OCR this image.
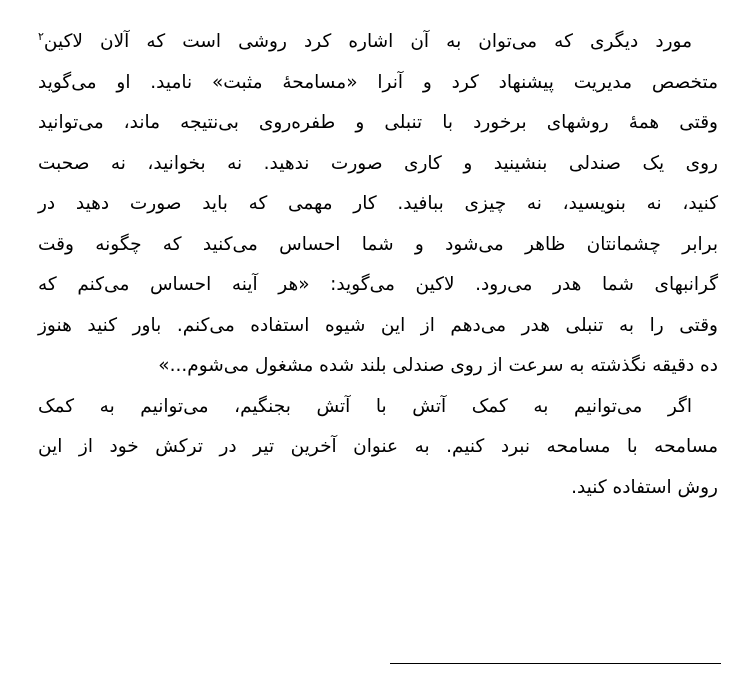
مورد دیگری که می‌توان به آن اشاره کرد روشی است که آلان لاکین$^۲$
متخصص مدیریت پیشنهاد کرد و آنرا «مسامحهٔ مثبت» نامید. او می‌گوید
وقتی همهٔ روشهای برخورد با تنبلی و طفره‌روی بی‌نتیجه ماند، می‌توانید
روی یک صندلی بنشینید و کاری صورت ندهید. نه بخوانید، نه صحبت
کنید، نه بنویسید، نه چیزی ببافید. کار مهمی که باید صورت دهید در
برابر چشمانتان ظاهر می‌شود و شما احساس می‌کنید که چگونه وقت
گرانبهای شما هدر می‌رود. لاکین می‌گوید: «هر آینه احساس می‌کنم که
وقتی را به تنبلی هدر می‌دهم از این شیوه استفاده می‌کنم. باور کنید هنوز
ده دقیقه نگذشته به سرعت از روی صندلی بلند شده مشغول می‌شوم...»
اگر می‌توانیم به کمک آتش با آتش بجنگیم، می‌توانیم به کمک
مسامحه با مسامحه نبرد کنیم. به عنوان آخرین تیر در ترکش خود از این
روش استفاده کنید.
